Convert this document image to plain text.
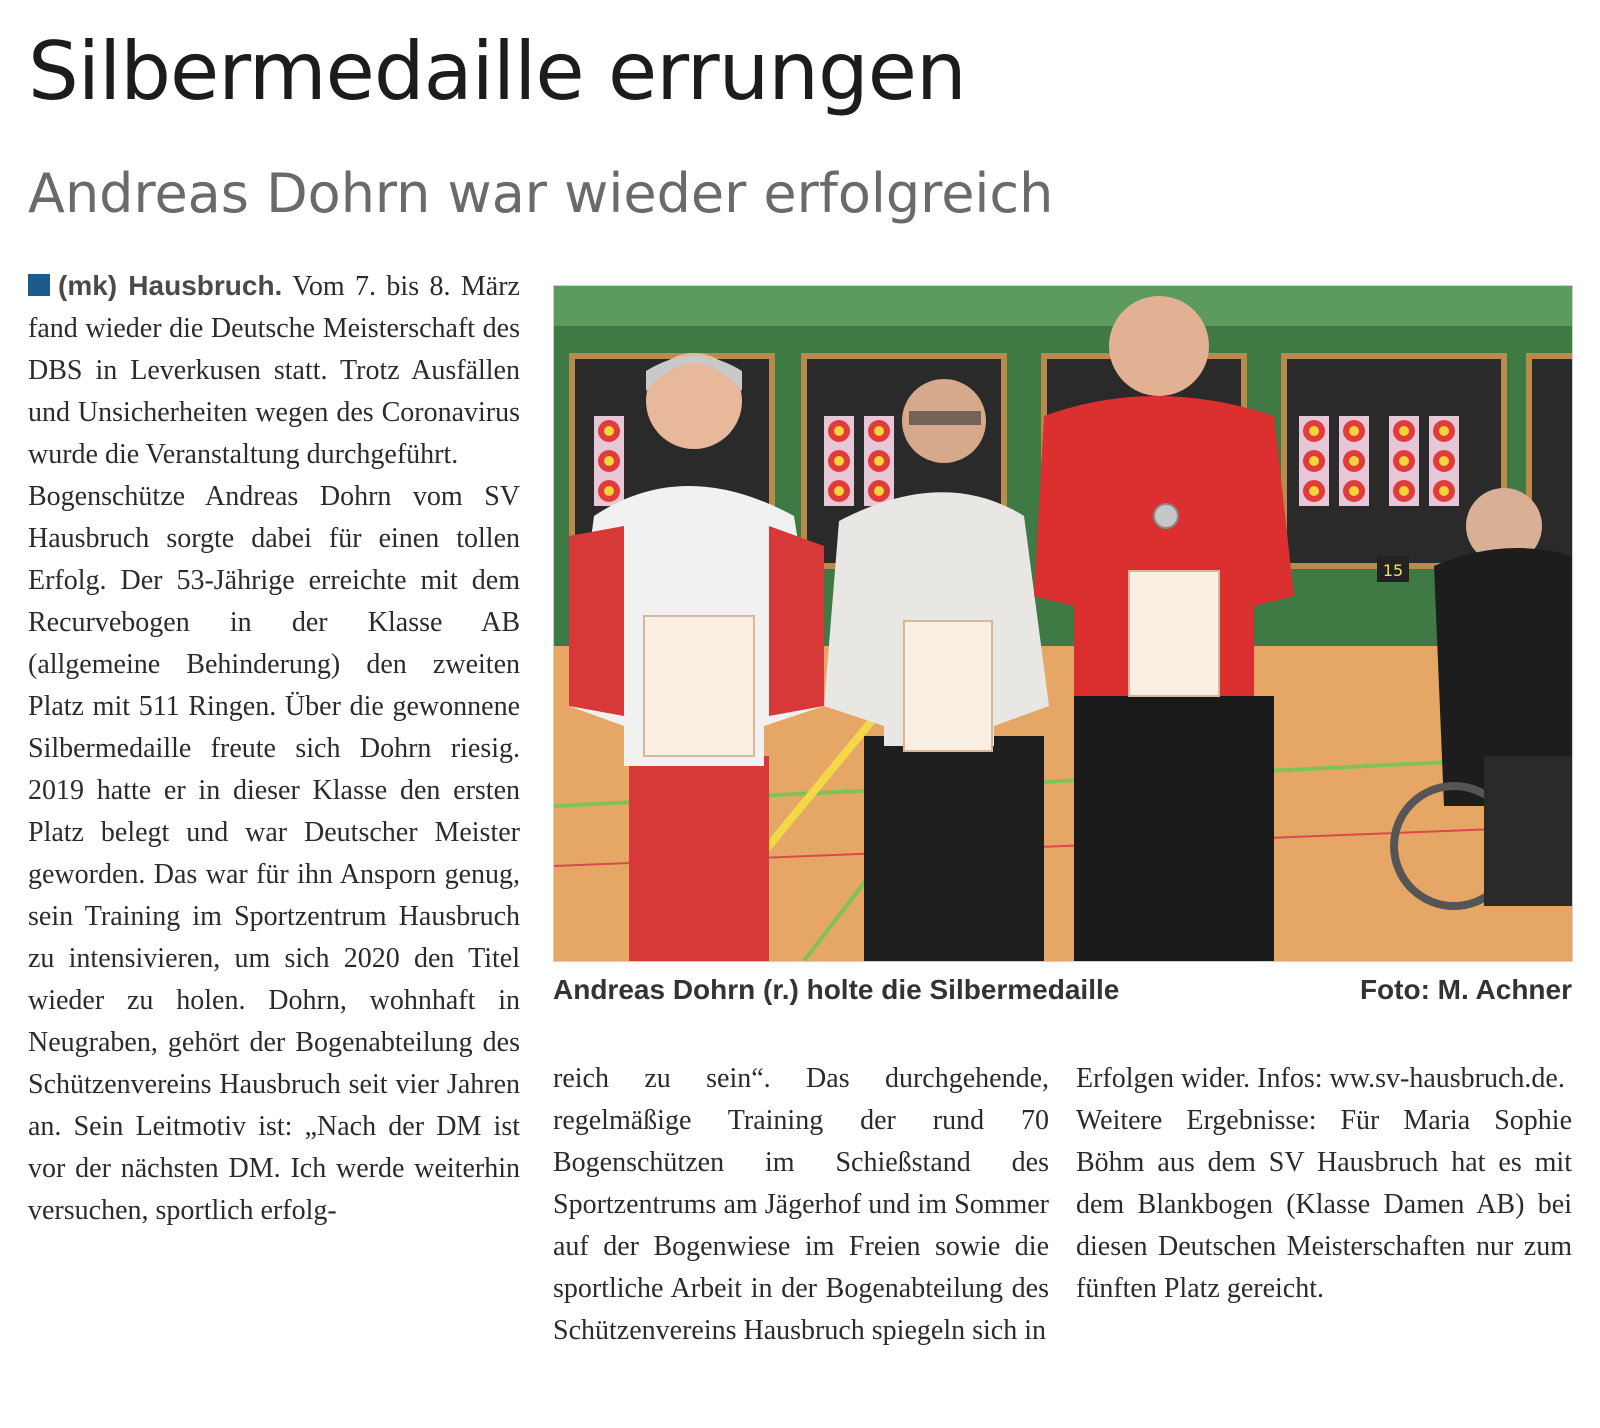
Silbermedaille errungen
Andreas Dohrn war wieder erfolgreich

(mk) Hausbruch. Vom 7. bis 8. März fand wieder die Deutsche Meisterschaft des DBS in Leverkusen statt. Trotz Ausfällen und Unsicherheiten wegen des Coronavirus wurde die Veranstaltung durchgeführt.

Bogenschütze Andreas Dohrn vom SV Hausbruch sorgte dabei für einen tollen Erfolg. Der 53-Jährige erreichte mit dem Recurvebogen in der Klasse AB (allgemeine Behinderung) den zweiten Platz mit 511 Ringen. Über die gewonnene Silbermedaille freute sich Dohrn riesig. 2019 hatte er in dieser Klasse den ersten Platz belegt und war Deutscher Meister geworden. Das war für ihn Ansporn genug, sein Training im Sportzentrum Hausbruch zu intensivieren, um sich 2020 den Titel wieder zu holen. Dohrn, wohnhaft in Neugraben, gehört der Bogenabteilung des Schützenvereins Hausbruch seit vier Jahren an. Sein Leitmotiv ist: „Nach der DM ist vor der nächsten DM. Ich werde weiterhin versuchen, sportlich erfolg-

15
Andreas Dohrn (r.) holte die Silbermedaille	Foto: M. Achner

reich zu sein“. Das durchgehende, regelmäßige Training der rund 70 Bogenschützen im Schießstand des Sportzentrums am Jägerhof und im Sommer auf der Bogenwiese im Freien sowie die sportliche Arbeit in der Bogenabteilung des Schützenvereins Hausbruch spiegeln sich in

Erfolgen wider. Infos: ww.sv-hausbruch.de.

Weitere Ergebnisse: Für Maria Sophie Böhm aus dem SV Hausbruch hat es mit dem Blankbogen (Klasse Damen AB) bei diesen Deutschen Meisterschaften nur zum fünften Platz gereicht.
